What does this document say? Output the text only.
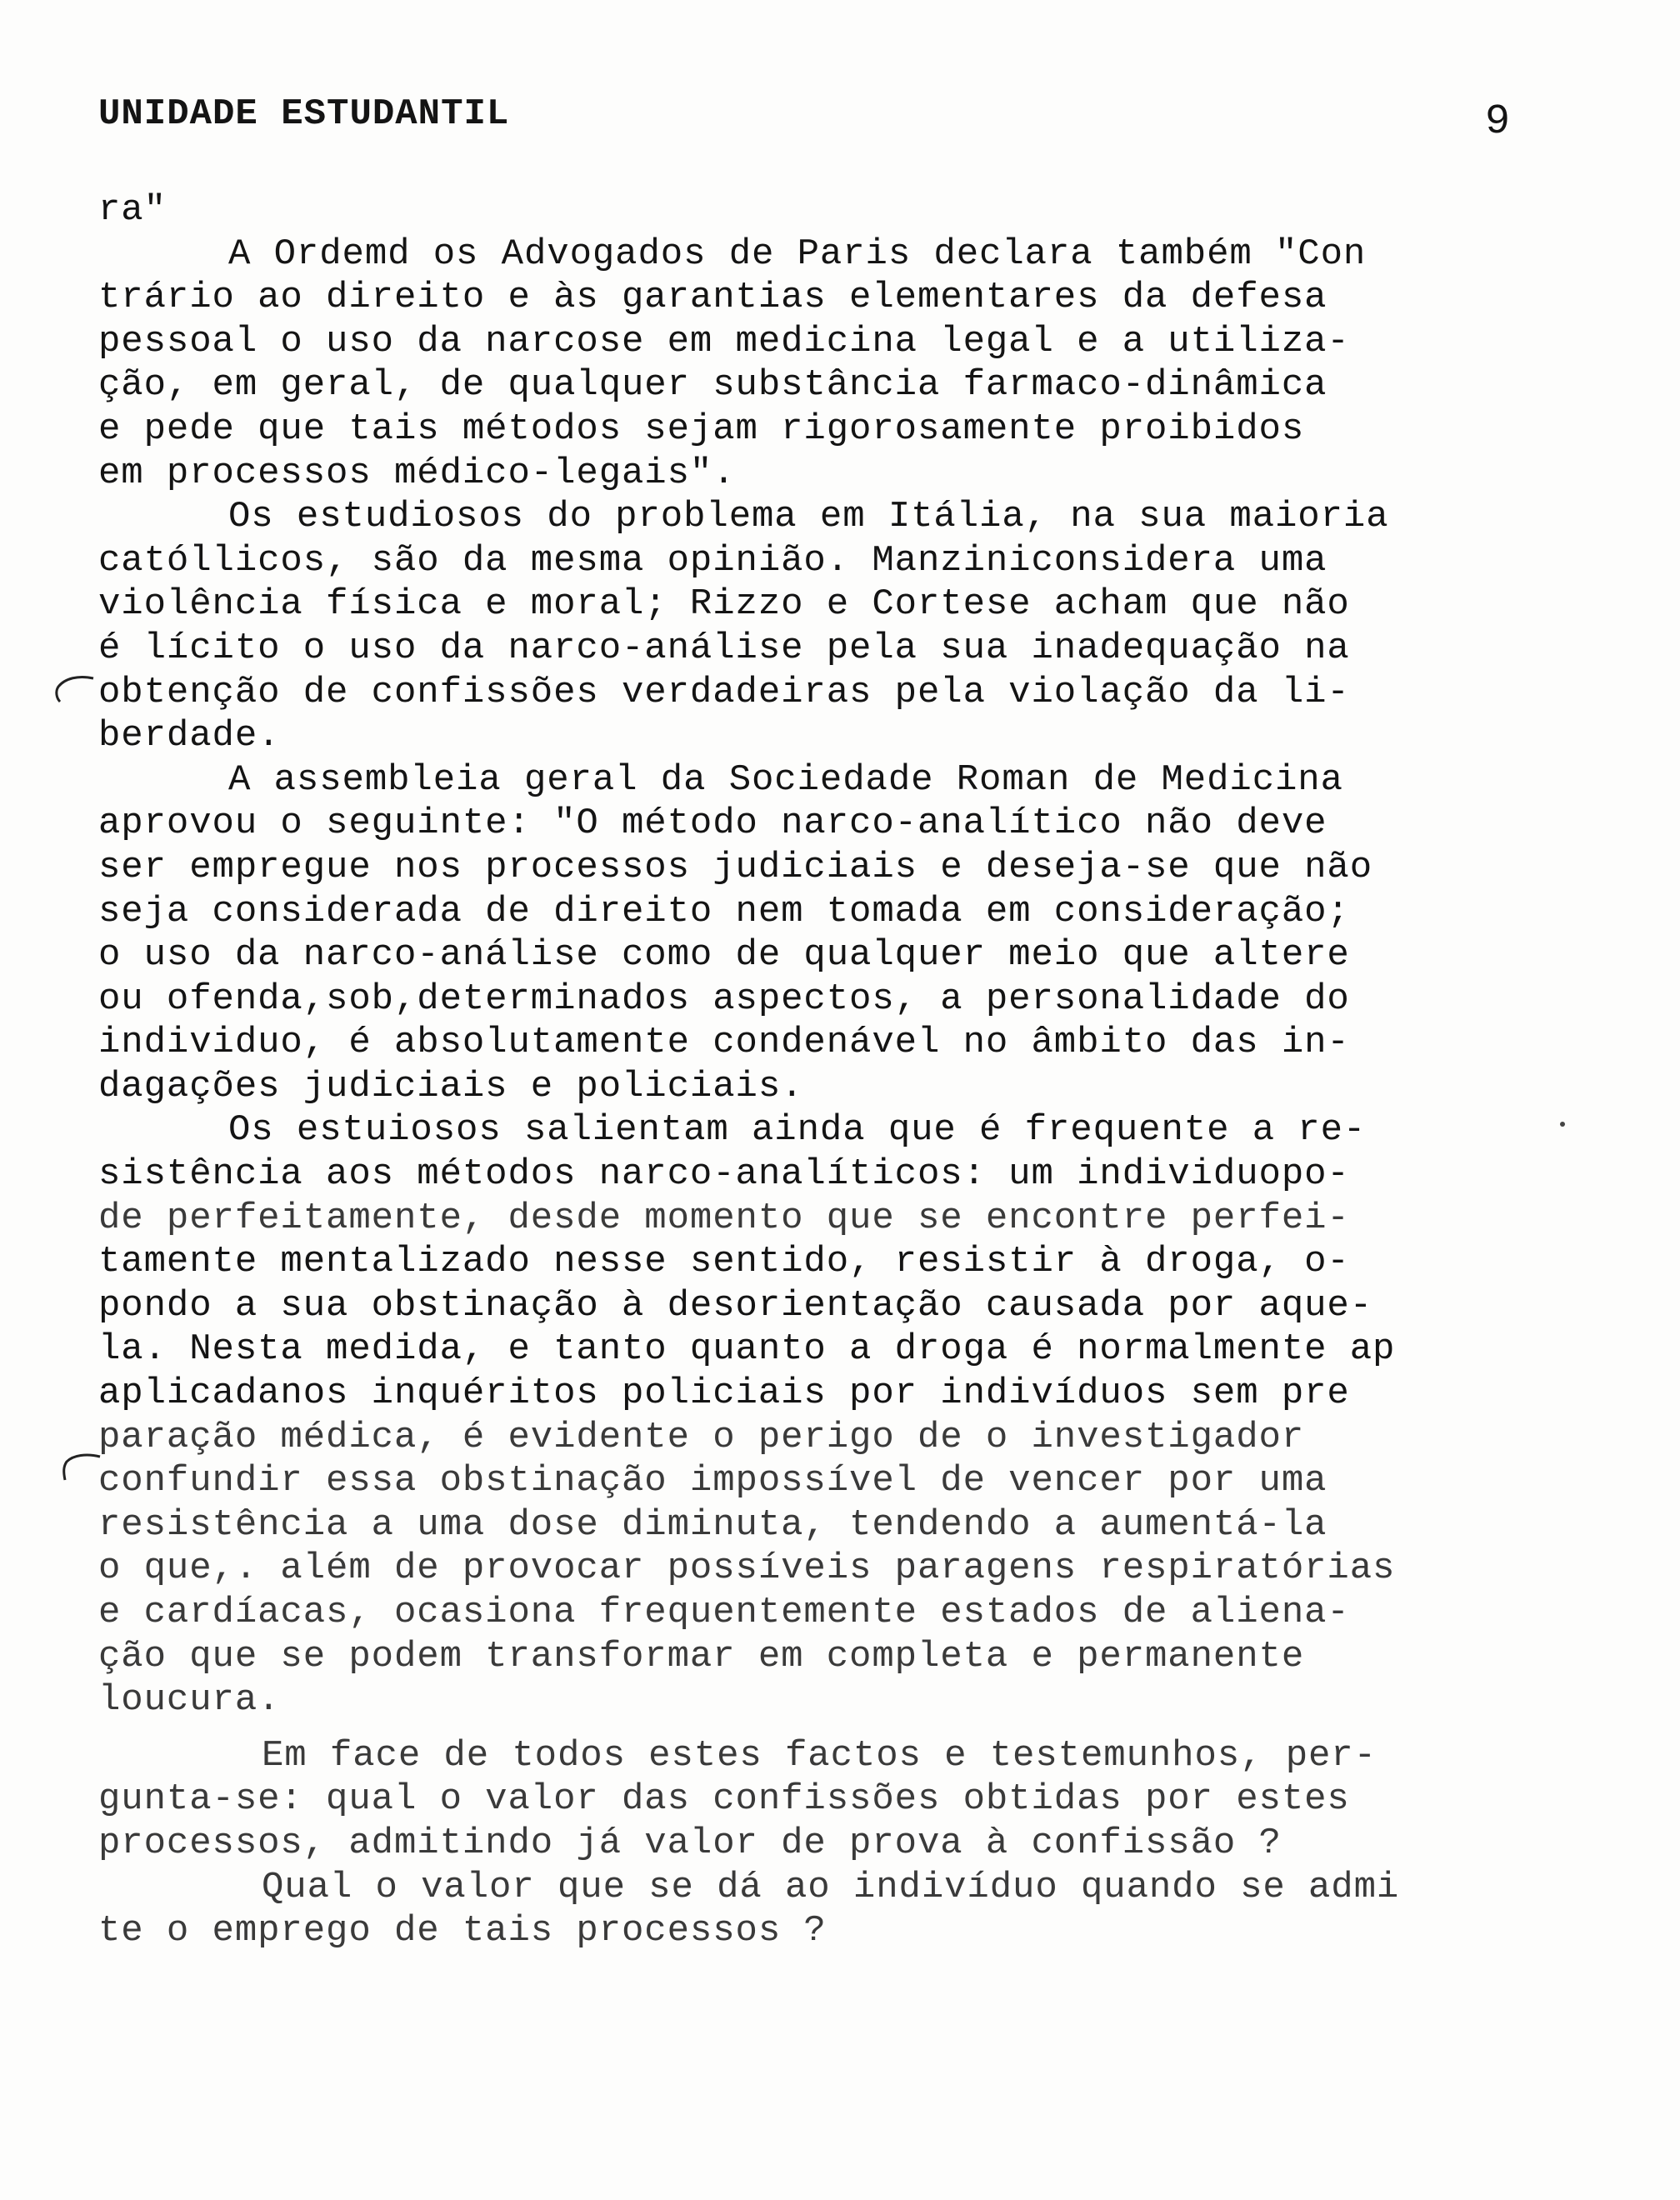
UNIDADE ESTUDANTIL	9
ra"
A Ordemd os Advogados de Paris declara também "Con
trário ao direito e às garantias elementares da defesa
pessoal o uso da narcose em medicina legal e a utiliza-
ção, em geral, de qualquer substância farmaco-dinâmica
e pede que tais métodos sejam rigorosamente proibidos
em processos médico-legais".
Os estudiosos do problema em Itália, na sua maioria
católlicos, são da mesma opinião. Manziniconsidera uma
violência física e moral; Rizzo e Cortese acham que não
é lícito o uso da narco-análise pela sua inadequação na
obtenção de confissões verdadeiras pela violação da li-
berdade.
A assembleia geral da Sociedade Roman de Medicina
aprovou o seguinte: "O método narco-analítico não deve
ser empregue nos processos judiciais e deseja-se que não
seja considerada de direito nem tomada em consideração;
o uso da narco-análise como de qualquer meio que altere
ou ofenda,sob,determinados aspectos, a personalidade do
individuo, é absolutamente condenável no âmbito das in-
dagações judiciais e policiais.
Os estuiosos salientam ainda que é frequente a re-
sistência aos métodos narco-analíticos: um individuopo-
de perfeitamente, desde momento que se encontre perfei-
tamente mentalizado nesse sentido, resistir à droga, o-
pondo a sua obstinação à desorientação causada por aque-
la. Nesta medida, e tanto quanto a droga é normalmente ap
aplicadanos inquéritos policiais por indivíduos sem pre
paração médica, é evidente o perigo de o investigador
confundir essa obstinação impossível de vencer por uma
resistência a uma dose diminuta, tendendo a aumentá-la
o que,. além de provocar possíveis paragens respiratórias
e cardíacas, ocasiona frequentemente estados de aliena-
ção que se podem transformar em completa e permanente
loucura.
Em face de todos estes factos e testemunhos, per-
gunta-se: qual o valor das confissões obtidas por estes
processos, admitindo já valor de prova à confissão ?
Qual o valor que se dá ao indivíduo quando se admi
te o emprego de tais processos ?
